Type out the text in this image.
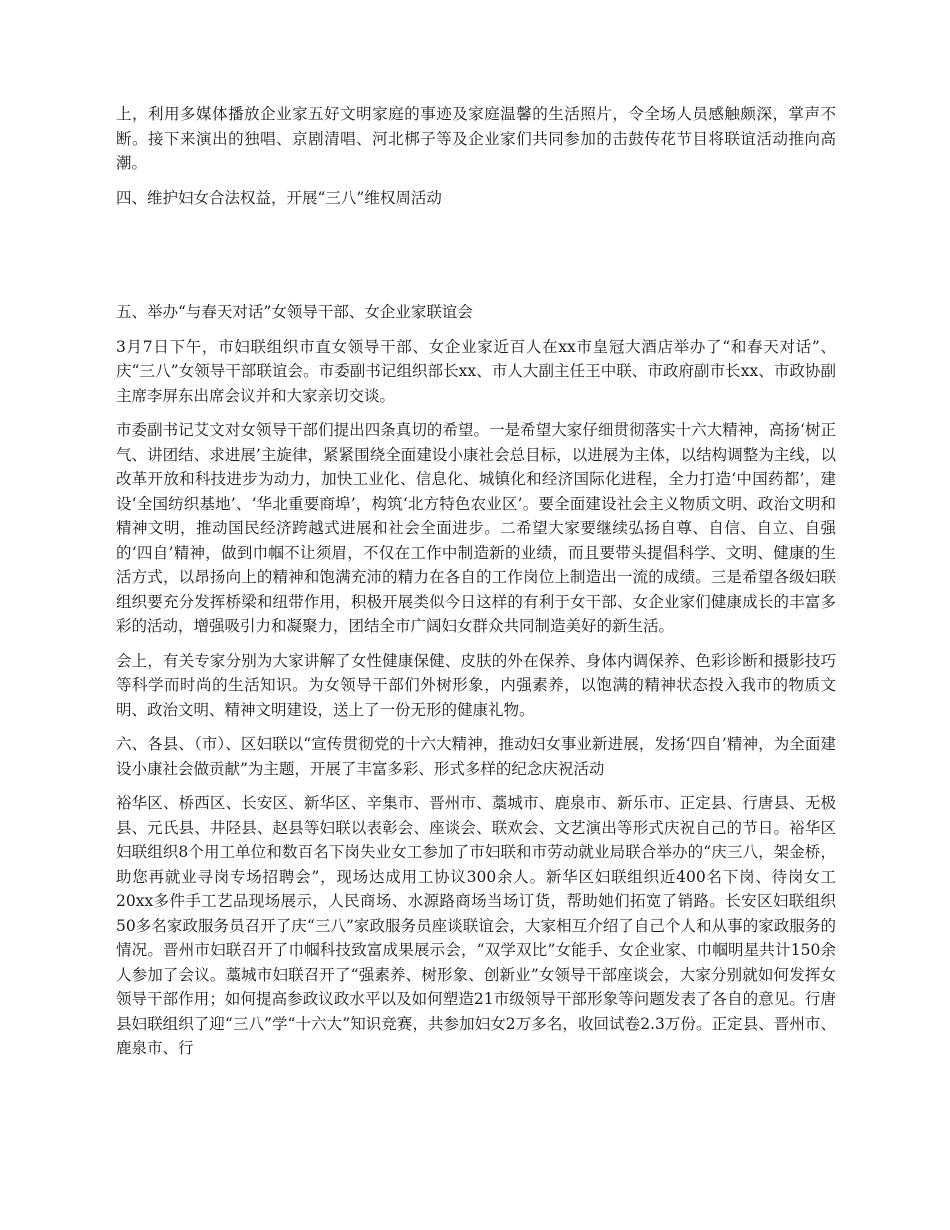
上，利用多媒体播放企业家五好文明家庭的事迹及家庭温馨的生活照片，令全场人员感触颇深，掌声不断。接下来演出的独唱、京剧清唱、河北梆子等及企业家们共同参加的击鼓传花节目将联谊活动推向高潮。

四、维护妇女合法权益，开展“三八”维权周活动

五、举办“与春天对话”女领导干部、女企业家联谊会

3月7日下午，市妇联组织市直女领导干部、女企业家近百人在xx市皇冠大酒店举办了“和春天对话”、庆“三八”女领导干部联谊会。市委副书记组织部长xx、市人大副主任王中联、市政府副市长xx、市政协副主席李屏东出席会议并和大家亲切交谈。

市委副书记艾文对女领导干部们提出四条真切的希望。一是希望大家仔细贯彻落实十六大精神，高扬‘树正气、讲团结、求进展’主旋律，紧紧围绕全面建设小康社会总目标，以进展为主体，以结构调整为主线，以改革开放和科技进步为动力，加快工业化、信息化、城镇化和经济国际化进程，全力打造‘中国药都’，建设‘全国纺织基地’、‘华北重要商埠’，构筑‘北方特色农业区’。要全面建设社会主义物质文明、政治文明和精神文明，推动国民经济跨越式进展和社会全面进步。二希望大家要继续弘扬自尊、自信、自立、自强的‘四自’精神，做到巾帼不让须眉，不仅在工作中制造新的业绩，而且要带头提倡科学、文明、健康的生活方式，以昂扬向上的精神和饱满充沛的精力在各自的工作岗位上制造出一流的成绩。三是希望各级妇联组织要充分发挥桥梁和纽带作用，积极开展类似今日这样的有利于女干部、女企业家们健康成长的丰富多彩的活动，增强吸引力和凝聚力，团结全市广阔妇女群众共同制造美好的新生活。

会上，有关专家分别为大家讲解了女性健康保健、皮肤的外在保养、身体内调保养、色彩诊断和摄影技巧等科学而时尚的生活知识。为女领导干部们外树形象，内强素养，以饱满的精神状态投入我市的物质文明、政治文明、精神文明建设，送上了一份无形的健康礼物。

六、各县、（市）、区妇联以“宣传贯彻党的十六大精神，推动妇女事业新进展，发扬‘四自’精神，为全面建设小康社会做贡献”为主题，开展了丰富多彩、形式多样的纪念庆祝活动

裕华区、桥西区、长安区、新华区、辛集市、晋州市、藁城市、鹿泉市、新乐市、正定县、行唐县、无极县、元氏县、井陉县、赵县等妇联以表彰会、座谈会、联欢会、文艺演出等形式庆祝自己的节日。裕华区妇联组织8个用工单位和数百名下岗失业女工参加了市妇联和市劳动就业局联合举办的“庆三八，架金桥，助您再就业寻岗专场招聘会”，现场达成用工协议300余人。新华区妇联组织近400名下岗、待岗女工20xx多件手工艺品现场展示，人民商场、水源路商场当场订货，帮助她们拓宽了销路。长安区妇联组织50多名家政服务员召开了庆“三八”家政服务员座谈联谊会，大家相互介绍了自己个人和从事的家政服务的情况。晋州市妇联召开了巾帼科技致富成果展示会，“双学双比”女能手、女企业家、巾帼明星共计150余人参加了会议。藁城市妇联召开了“强素养、树形象、创新业”女领导干部座谈会，大家分别就如何发挥女领导干部作用；如何提高参政议政水平以及如何塑造21市级领导干部形象等问题发表了各自的意见。行唐县妇联组织了迎“三八”学“十六大”知识竞赛，共参加妇女2万多名，收回试卷2.3万份。正定县、晋州市、鹿泉市、行
